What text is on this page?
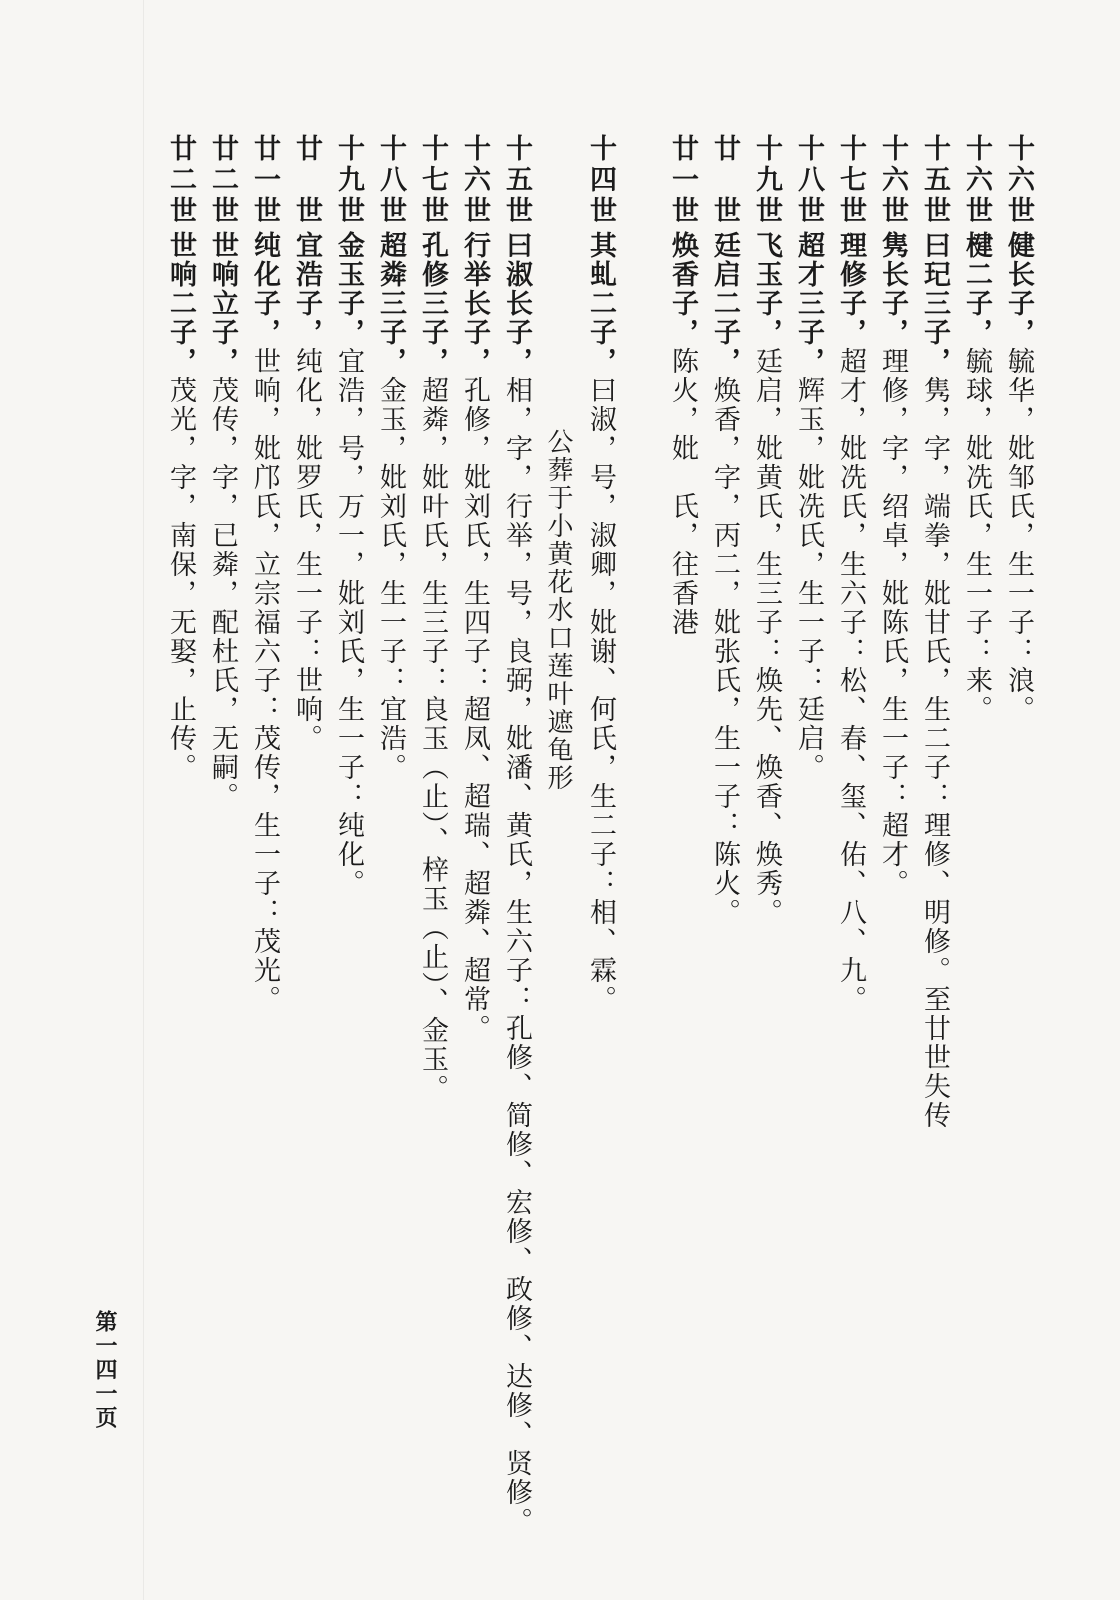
十六世健长子，毓华，妣邹氏，生一子：浪。
十六世楗二子，毓球，妣冼氏，生一子：来。
十五世曰玘三子，隽，字，端拳，妣甘氏，生二子：理修、明修。至廿世失传
十六世隽长子，理修，字，绍卓，妣陈氏，生一子：超才。
十七世理修子，超才，妣冼氏，生六子：松、春、玺、佑、八、九。
十八世超才三子，辉玉，妣冼氏，生一子：廷启。
十九世飞玉子，廷启，妣黄氏，生三子：焕先、焕香、焕秀。
廿　世廷启二子，焕香，字，丙二，妣张氏，生一子：陈火。
廿一世焕香子，陈火，妣　氏，往香港
十四世其虬二子，曰淑，号，淑卿，妣谢、何氏，生二子：相、霖。
公葬于小黄花水口莲叶遮龟形
十五世曰淑长子，相，字，行举，号，良弼，妣潘、黄氏，生六子：孔修、简修、宏修、政修、达修、贤修。
十六世行举长子，孔修，妣刘氏，生四子：超凤、超瑞、超粦、超常。
十七世孔修三子，超粦，妣叶氏，生三子：良玉（止）、梓玉（止）、金玉。
十八世超粦三子，金玉，妣刘氏，生一子：宜浩。
十九世金玉子，宜浩，号，万一，妣刘氏，生一子：纯化。
廿　世宜浩子，纯化，妣罗氏，生一子：世响。
廿一世纯化子，世响，妣邝氏，立宗福六子：茂传，生一子：茂光。
廿二世世响立子，茂传，字，已粦，配杜氏，无嗣。
廿二世世响二子，茂光，字，南保，无娶，止传。
第一四一页
